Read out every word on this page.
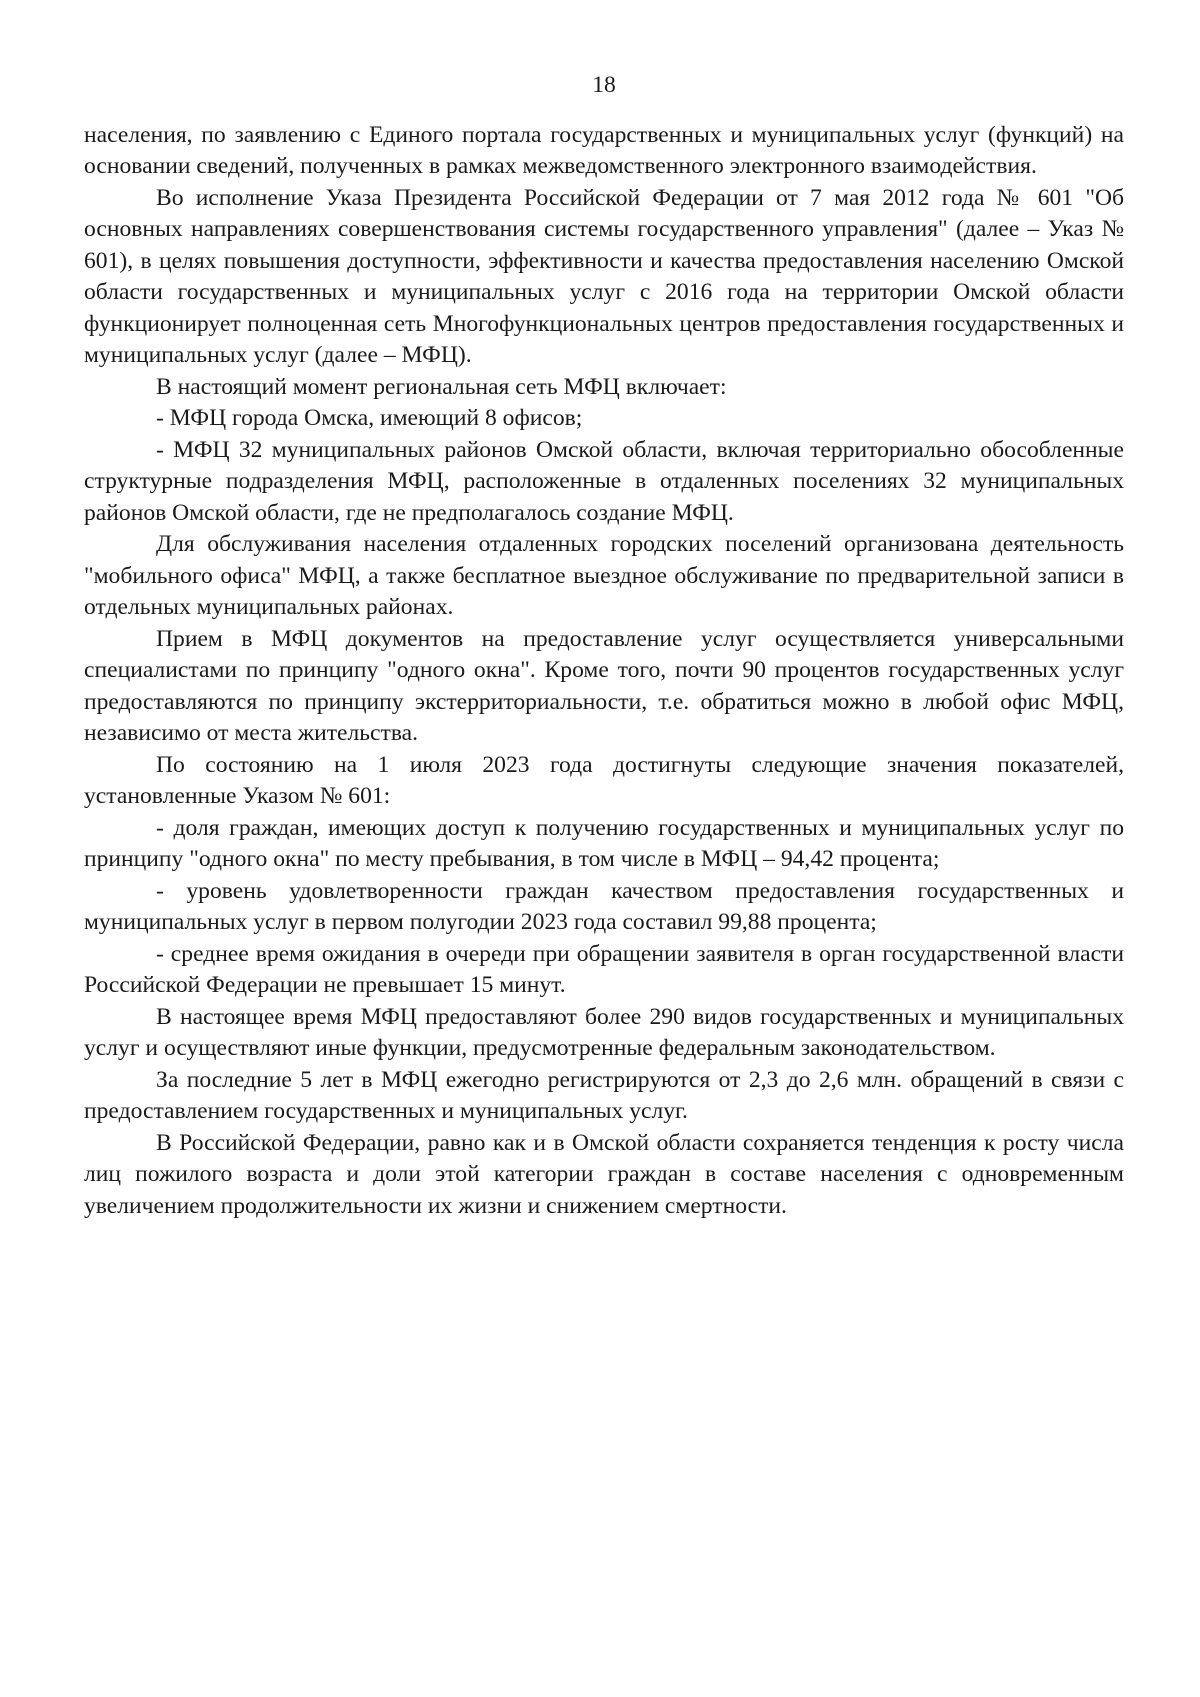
18

населения, по заявлению с Единого портала государственных и муниципальных услуг (функций) на основании сведений, полученных в рамках межведомственного электронного взаимодействия.

Во исполнение Указа Президента Российской Федерации от 7 мая 2012 года № 601 "Об основных направлениях совершенствования системы государственного управления" (далее – Указ № 601), в целях повышения доступности, эффективности и качества предоставления населению Омской области государственных и муниципальных услуг с 2016 года на территории Омской области функционирует полноценная сеть Многофункциональных центров предоставления государственных и муниципальных услуг (далее – МФЦ).

В настоящий момент региональная сеть МФЦ включает:

- МФЦ города Омска, имеющий 8 офисов;

- МФЦ 32 муниципальных районов Омской области, включая территориально обособленные структурные подразделения МФЦ, расположенные в отдаленных поселениях 32 муниципальных районов Омской области, где не предполагалось создание МФЦ.

Для обслуживания населения отдаленных городских поселений организована деятельность "мобильного офиса" МФЦ, а также бесплатное выездное обслуживание по предварительной записи в отдельных муниципальных районах.

Прием в МФЦ документов на предоставление услуг осуществляется универсальными специалистами по принципу "одного окна". Кроме того, почти 90 процентов государственных услуг предоставляются по принципу экстерриториальности, т.е. обратиться можно в любой офис МФЦ, независимо от места жительства.

По состоянию на 1 июля 2023 года достигнуты следующие значения показателей, установленные Указом № 601:

- доля граждан, имеющих доступ к получению государственных и муниципальных услуг по принципу "одного окна" по месту пребывания, в том числе в МФЦ – 94,42 процента;

- уровень удовлетворенности граждан качеством предоставления государственных и муниципальных услуг в первом полугодии 2023 года составил 99,88 процента;

- среднее время ожидания в очереди при обращении заявителя в орган государственной власти Российской Федерации не превышает 15 минут.

В настоящее время МФЦ предоставляют более 290 видов государственных и муниципальных услуг и осуществляют иные функции, предусмотренные федеральным законодательством.

За последние 5 лет в МФЦ ежегодно регистрируются от 2,3 до 2,6 млн. обращений в связи с предоставлением государственных и муниципальных услуг.

В Российской Федерации, равно как и в Омской области сохраняется тенденция к росту числа лиц пожилого возраста и доли этой категории граждан в составе населения с одновременным увеличением продолжительности их жизни и снижением смертности.
